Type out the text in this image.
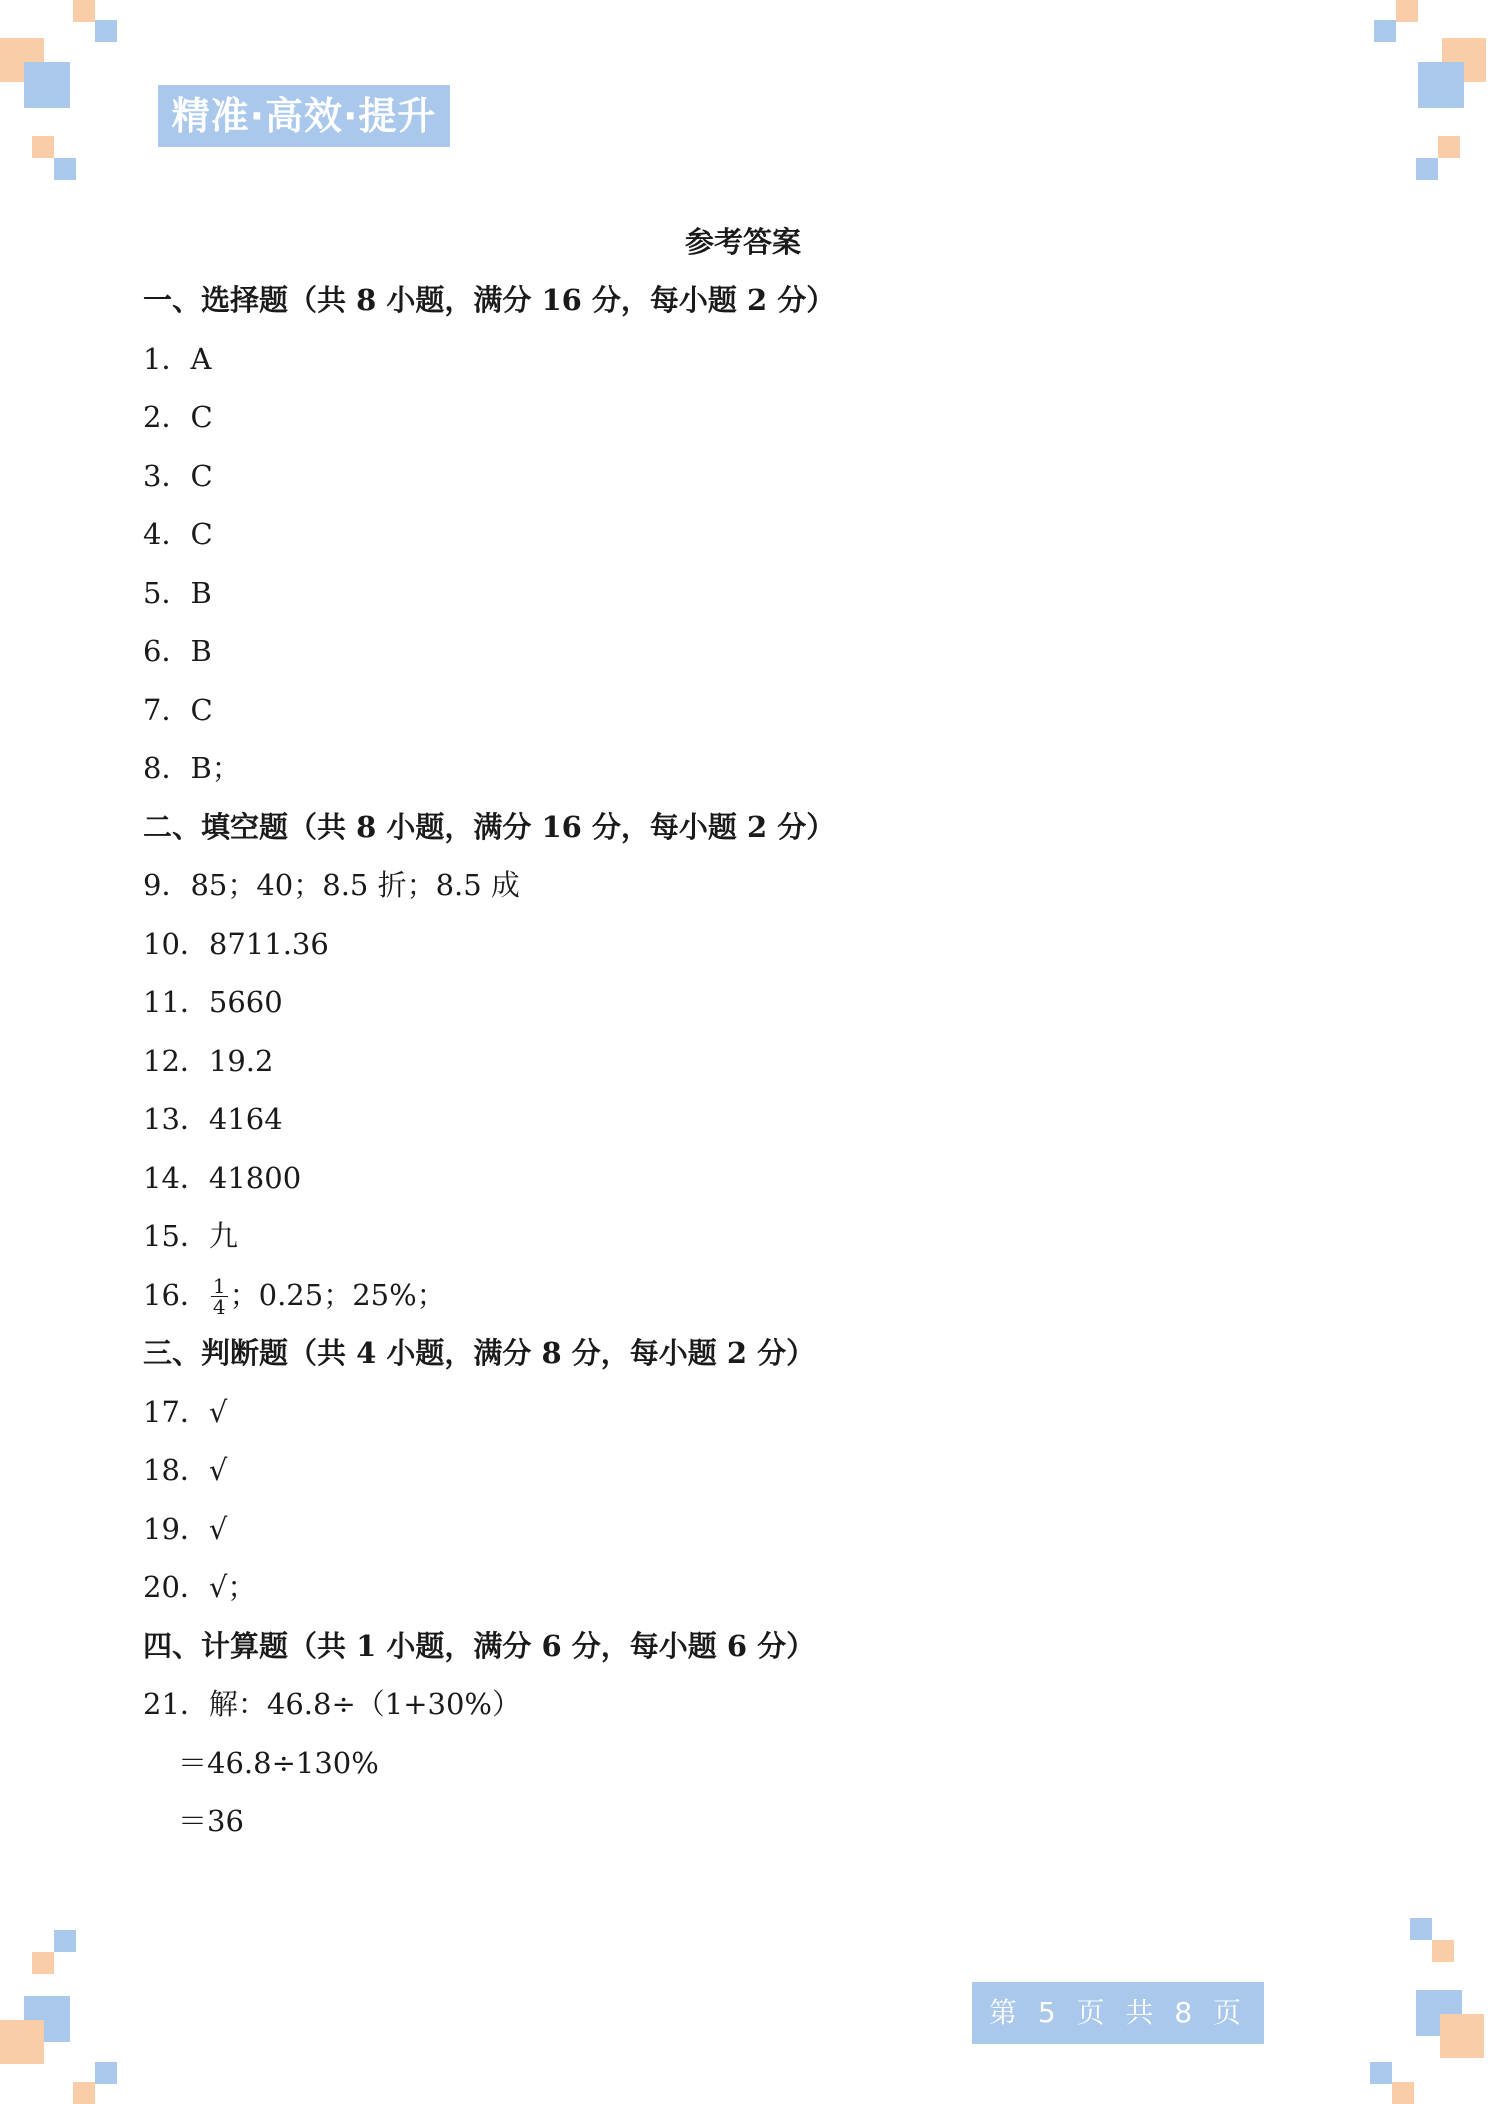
精准·高效·提升
参考答案
一、选择题（共 8 小题，满分 16 分，每小题 2 分）
1．A
2．C
3．C
4．C
5．B
6．B
7．C
8．B；
二、填空题（共 8 小题，满分 16 分，每小题 2 分）
9．85；40；8.5 折；8.5 成
10．8711.36
11．5660
12．19.2
13．4164
14．41800
15．九
16． $\frac{1}{4}$ ；0.25；25%；
三、判断题（共 4 小题，满分 8 分，每小题 2 分）
17．√
18．√
19．√
20．√；
四、计算题（共 1 小题，满分 6 分，每小题 6 分）
21．解：46.8÷（1+30%）
＝46.8÷130%
＝36
第 5 页 共 8 页
